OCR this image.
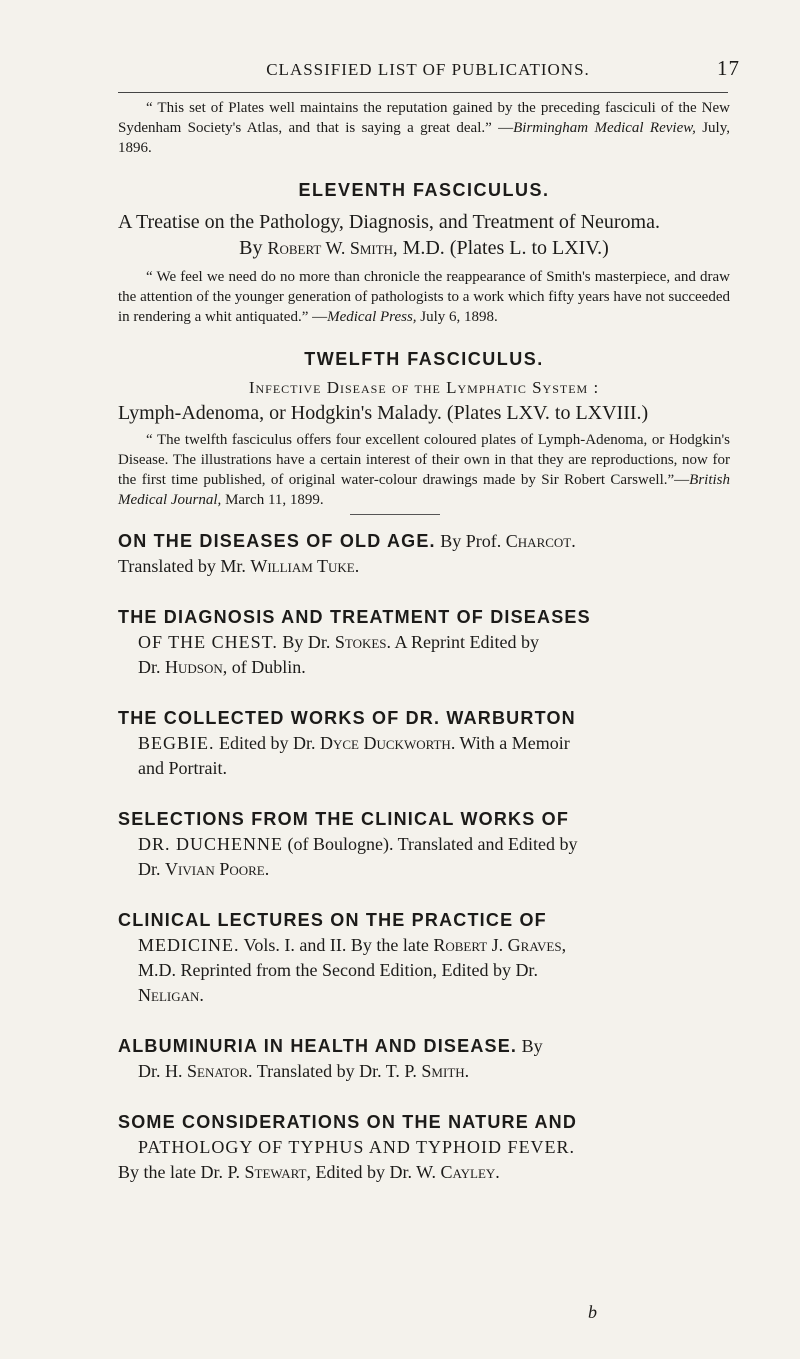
CLASSIFIED LIST OF PUBLICATIONS.	17

“ This set of Plates well maintains the reputation gained by the preceding fasciculi of the New Sydenham Society's Atlas, and that is saying a great deal.” —Birmingham Medical Review, July, 1896.

ELEVENTH FASCICULUS.

A Treatise on the Pathology, Diagnosis, and Treatment of Neuroma.

By Robert W. Smith, M.D. (Plates L. to LXIV.)

“ We feel we need do no more than chronicle the reappearance of Smith's masterpiece, and draw the attention of the younger generation of pathologists to a work which fifty years have not succeeded in rendering a whit antiquated.” —Medical Press, July 6, 1898.

TWELFTH FASCICULUS.

Infective Disease of the Lymphatic System :

Lymph-Adenoma, or Hodgkin's Malady. (Plates LXV. to LXVIII.)

“ The twelfth fasciculus offers four excellent coloured plates of Lymph-Adenoma, or Hodgkin's Disease. The illustrations have a certain interest of their own in that they are reproductions, now for the first time published, of original water-colour drawings made by Sir Robert Carswell.”—British Medical Journal, March 11, 1899.

ON THE DISEASES OF OLD AGE. By Prof. Charcot.
Translated by Mr. William Tuke.
THE DIAGNOSIS AND TREATMENT OF DISEASES
OF THE CHEST. By Dr. Stokes. A Reprint Edited by
Dr. Hudson, of Dublin.
THE COLLECTED WORKS OF DR. WARBURTON
BEGBIE. Edited by Dr. Dyce Duckworth. With a Memoir
and Portrait.
SELECTIONS FROM THE CLINICAL WORKS OF
DR. DUCHENNE (of Boulogne). Translated and Edited by
Dr. Vivian Poore.
CLINICAL LECTURES ON THE PRACTICE OF
MEDICINE. Vols. I. and II. By the late Robert J. Graves,
M.D. Reprinted from the Second Edition, Edited by Dr.
Neligan.
ALBUMINURIA IN HEALTH AND DISEASE. By
Dr. H. Senator. Translated by Dr. T. P. Smith.
SOME CONSIDERATIONS ON THE NATURE AND
PATHOLOGY OF TYPHUS AND TYPHOID FEVER.
By the late Dr. P. Stewart, Edited by Dr. W. Cayley.
b
